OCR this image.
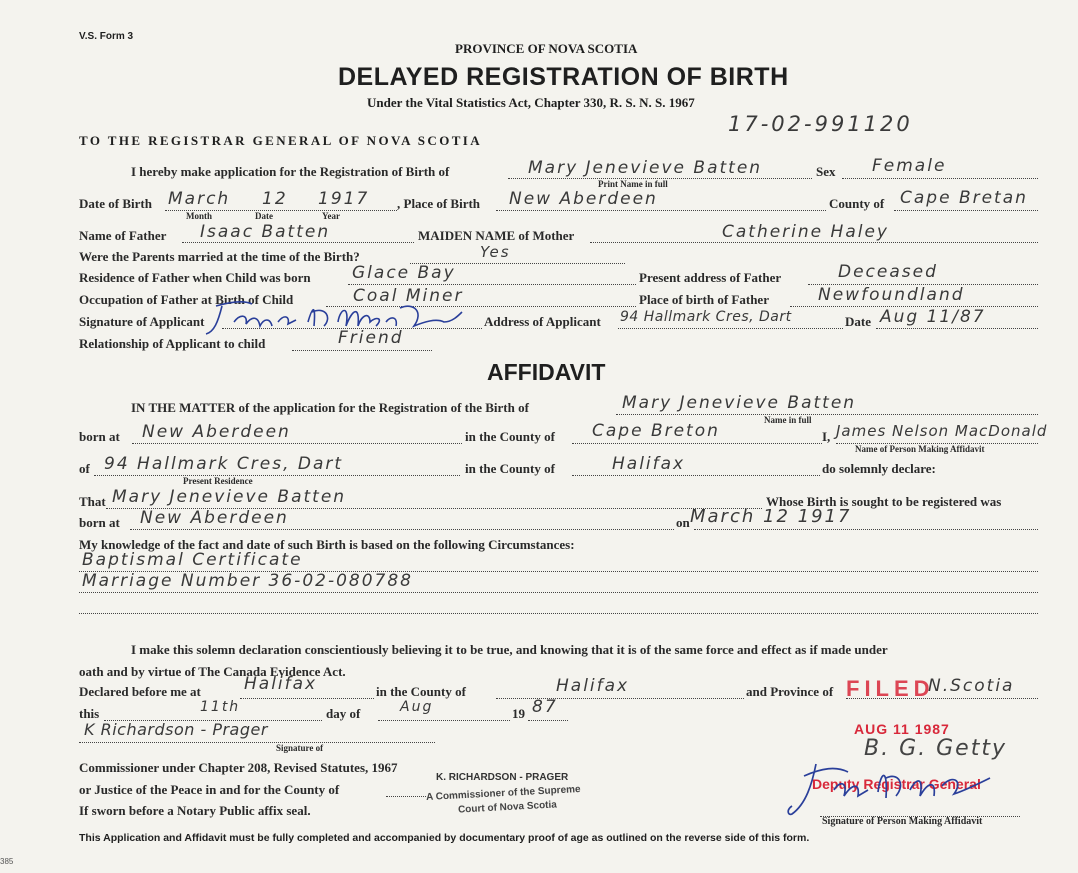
V.S. Form 3
PROVINCE OF NOVA SCOTIA
DELAYED REGISTRATION OF BIRTH
Under the Vital Statistics Act, Chapter 330, R. S. N. S. 1967
17-02-991120
TO THE REGISTRAR GENERAL OF NOVA SCOTIA
I hereby make application for the Registration of Birth of	Mary Jenevieve Batten
Print Name in full
Sex Female
Date of Birth March 12 1917
Month	Date	Year
, Place of Birth New Aberdeen	County of Cape Bretan
Name of Father Isaac Batten	MAIDEN NAME of Mother	Catherine Haley
Were the Parents married at the time of the Birth?	Yes
Residence of Father when Child was born Glace Bay	Present address of Father	Deceased
Occupation of Father at Birth of Child	Coal Miner	Place of birth of Father	Newfoundland
Signature of Applicant	Address of Applicant 94 Hallmark Cres, Dart	Date Aug 11/87
Relationship of Applicant to child	Friend
AFFIDAVIT
IN THE MATTER of the application for the Registration of the Birth of	Mary Jenevieve Batten
Name in full
born at New Aberdeen	in the County of Cape Breton	I, James Nelson MacDonald
Name of Person Making Affidavit
of 94 Hallmark Cres, Dart
Present Residence
in the County of	Halifax	do solemnly declare:
That Mary Jenevieve Batten	Whose Birth is sought to be registered was
born at New Aberdeen	on March 12 1917
My knowledge of the fact and date of such Birth is based on the following Circumstances:
Baptismal Certificate
Marriage Number 36-02-080788
I make this solemn declaration conscientiously believing it to be true, and knowing that it is of the same force and effect as if made under
oath and by virtue of The Canada Evidence Act.
Declared before me at	Halifax	in the County of	Halifax	and Province of	N.Scotia
FILED
this	11th	day of	Aug	19 87
K Richardson - Prager
Signature of
Commissioner under Chapter 208, Revised Statutes, 1967
or Justice of the Peace in and for the County of
If sworn before a Notary Public affix seal.
K. RICHARDSON - PRAGER
A Commissioner of the Supreme
Court of Nova Scotia
AUG 11 1987
B. G. Getty
Deputy Registrar General
Signature of Person Making Affidavit
This Application and Affidavit must be fully completed and accompanied by documentary proof of age as outlined on the reverse side of this form.
385
